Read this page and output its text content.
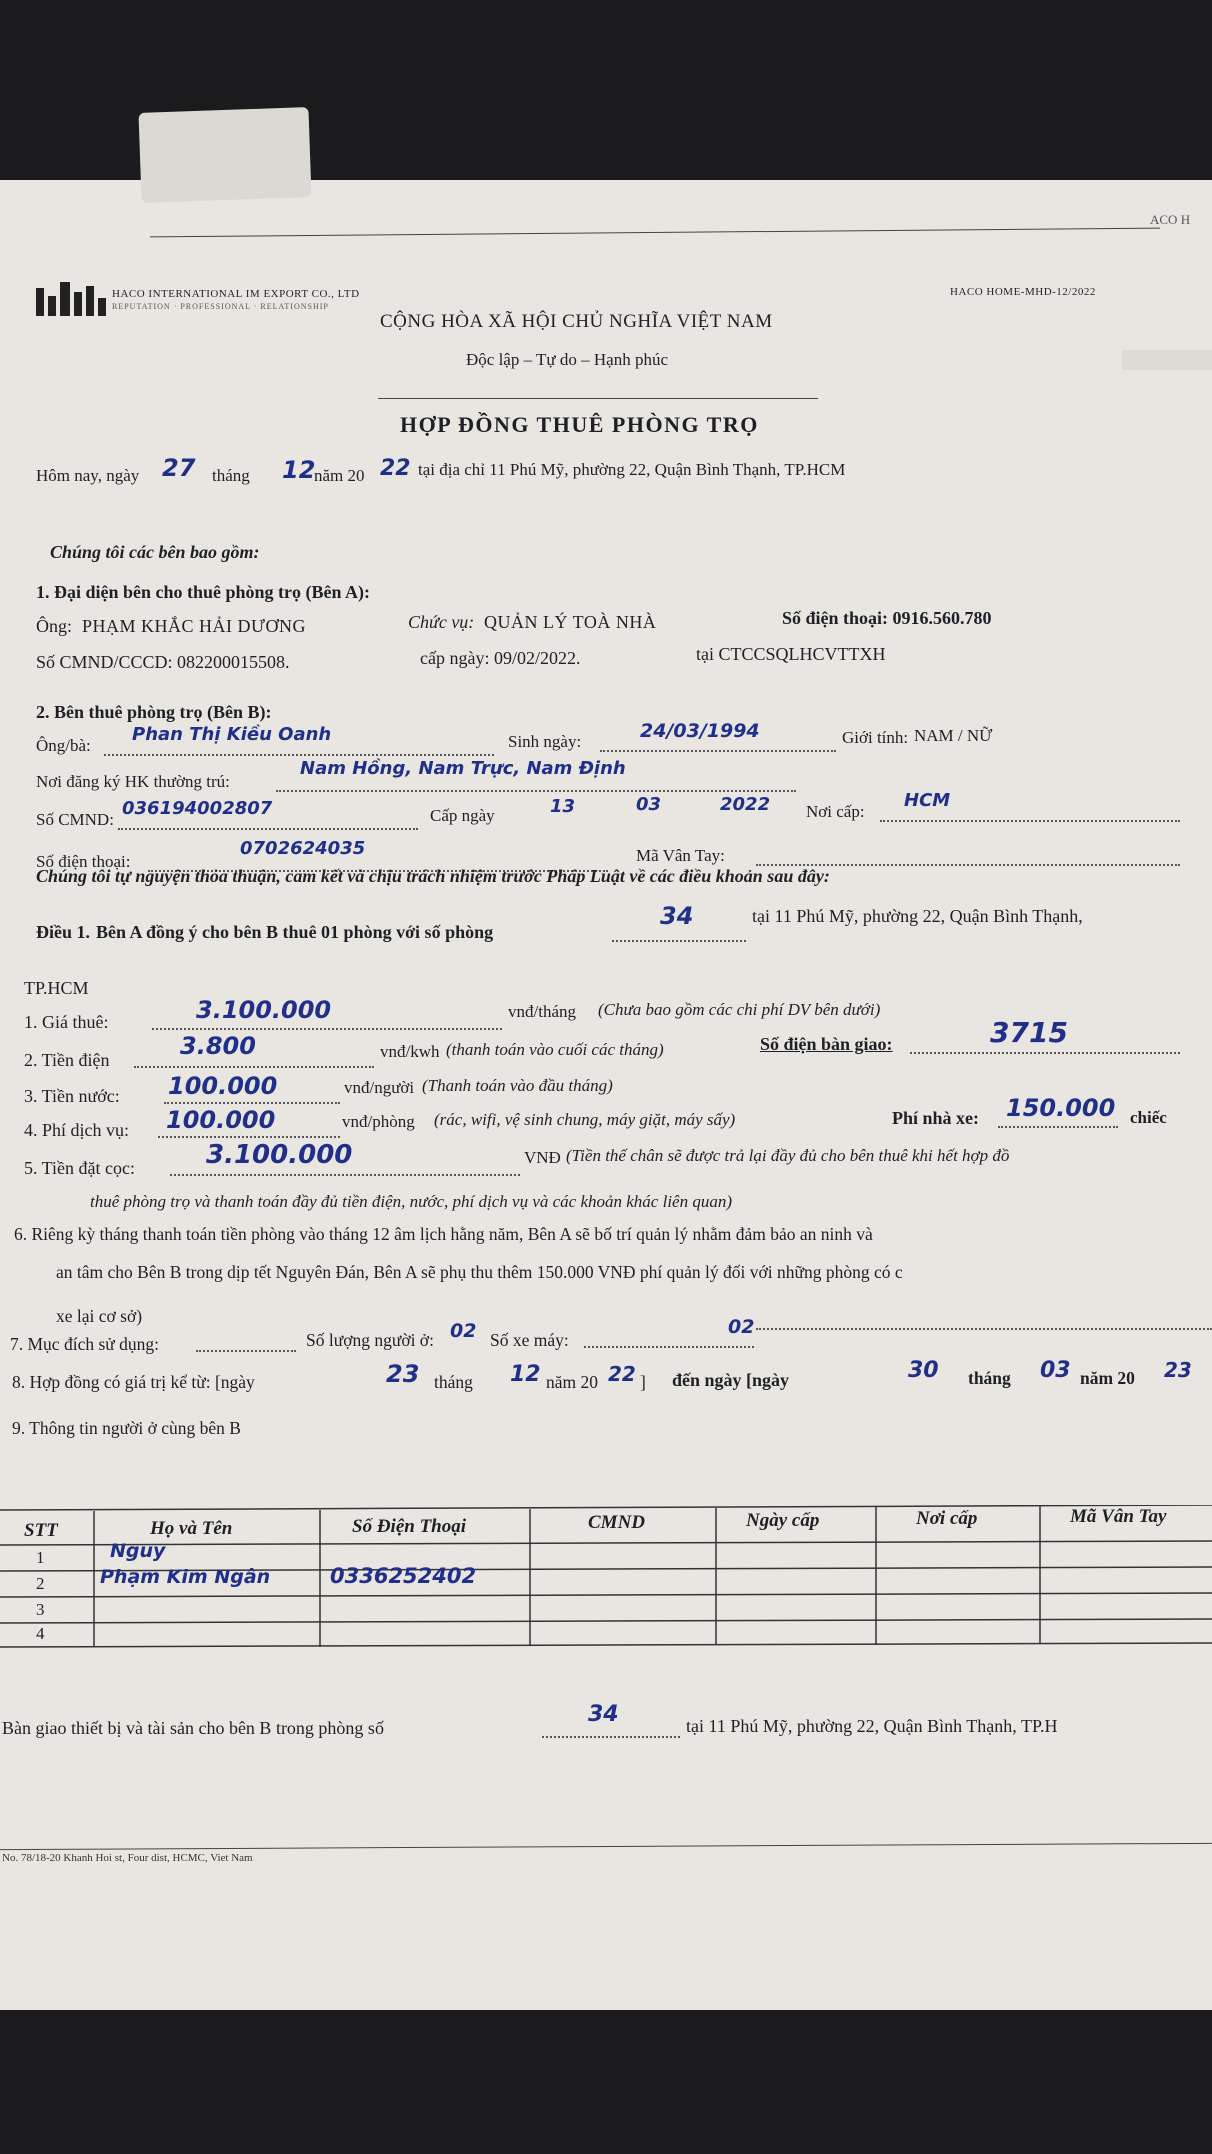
ACO H
HACO INTERNATIONAL IM EXPORT CO., LTD
REPUTATION · PROFESSIONAL · RELATIONSHIP
HACO HOME-MHD-12/2022
CỘNG HÒA XÃ HỘI CHỦ NGHĨA VIỆT NAM
Độc lập – Tự do – Hạnh phúc
HỢP ĐỒNG THUÊ PHÒNG TRỌ
Hôm nay, ngày 27 tháng 12
năm 20 22 tại địa chỉ 11 Phú Mỹ, phường 22, Quận Bình Thạnh, TP.HCM
Chúng tôi các bên bao gồm:
1. Đại diện bên cho thuê phòng trọ (Bên A):
Ông: PHẠM KHẮC HẢI DƯƠNG	Chức vụ: QUẢN LÝ TOÀ NHÀ	Số điện thoại: 0916.560.780
Số CMND/CCCD: 082200015508.	cấp ngày: 09/02/2022.	tại CTCCSQLHCVTTXH
2. Bên thuê phòng trọ (Bên B):
Ông/bà:
Phan Thị Kiều Oanh	Sinh ngày:	24/03/1994	Giới tính: NAM / NỮ
Nơi đăng ký HK thường trú:
Nam Hồng, Nam Trực, Nam Định
Số CMND:
036194002807	Cấp ngày	13	03	2022 Nơi cấp:
HCM
Số điện thoại:
0702624035	Mã Vân Tay:
Chúng tôi tự nguyện thỏa thuận, cam kết và chịu trách nhiệm trước Pháp Luật về các điều khoản sau đây:
Điều 1. Bên A đồng ý cho bên B thuê 01 phòng với số phòng
34	tại 11 Phú Mỹ, phường 22, Quận Bình Thạnh,
TP.HCM
1. Giá thuê:	3.100.000	vnđ/tháng (Chưa bao gồm các chi phí DV bên dưới)
2. Tiền điện	3.800	vnđ/kwh (thanh toán vào cuối các tháng)	Số điện bàn giao:	3715
3. Tiền nước: 100.000	vnđ/người (Thanh toán vào đầu tháng)
4. Phí dịch vụ: 100.000	vnđ/phòng (rác, wifi, vệ sinh chung, máy giặt, máy sấy)	Phí nhà xe: 150.000 chiếc
5. Tiền đặt cọc:	3.100.000	VNĐ (Tiền thế chân sẽ được trả lại đầy đủ cho bên thuê khi hết hợp đồ
thuê phòng trọ và thanh toán đầy đủ tiền điện, nước, phí dịch vụ và các khoản khác liên quan)
6. Riêng kỳ tháng thanh toán tiền phòng vào tháng 12 âm lịch hằng năm, Bên A sẽ bố trí quản lý nhằm đảm bảo an ninh và
an tâm cho Bên B trong dịp tết Nguyên Đán, Bên A sẽ phụ thu thêm 150.000 VNĐ phí quản lý đối với những phòng có c
xe lại cơ sở)
7. Mục đích sử dụng:	Số lượng người ở: 02 Số xe máy:
02
8. Hợp đồng có giá trị kể từ: [ngày	23 tháng 12 năm 20 22 ] đến ngày [ngày	30 tháng 03 năm 20 23
9. Thông tin người ở cùng bên B
STT	Họ và Tên	Số Điện Thoại	CMND	Ngày cấp	Nơi cấp	Mã Vân Tay
1	Nguy
2	Phạm Kim Ngân	0336252402
3
4
Bàn giao thiết bị và tài sản cho bên B trong phòng số
34	tại 11 Phú Mỹ, phường 22, Quận Bình Thạnh, TP.H
No. 78/18-20 Khanh Hoi st, Four dist, HCMC, Viet Nam
